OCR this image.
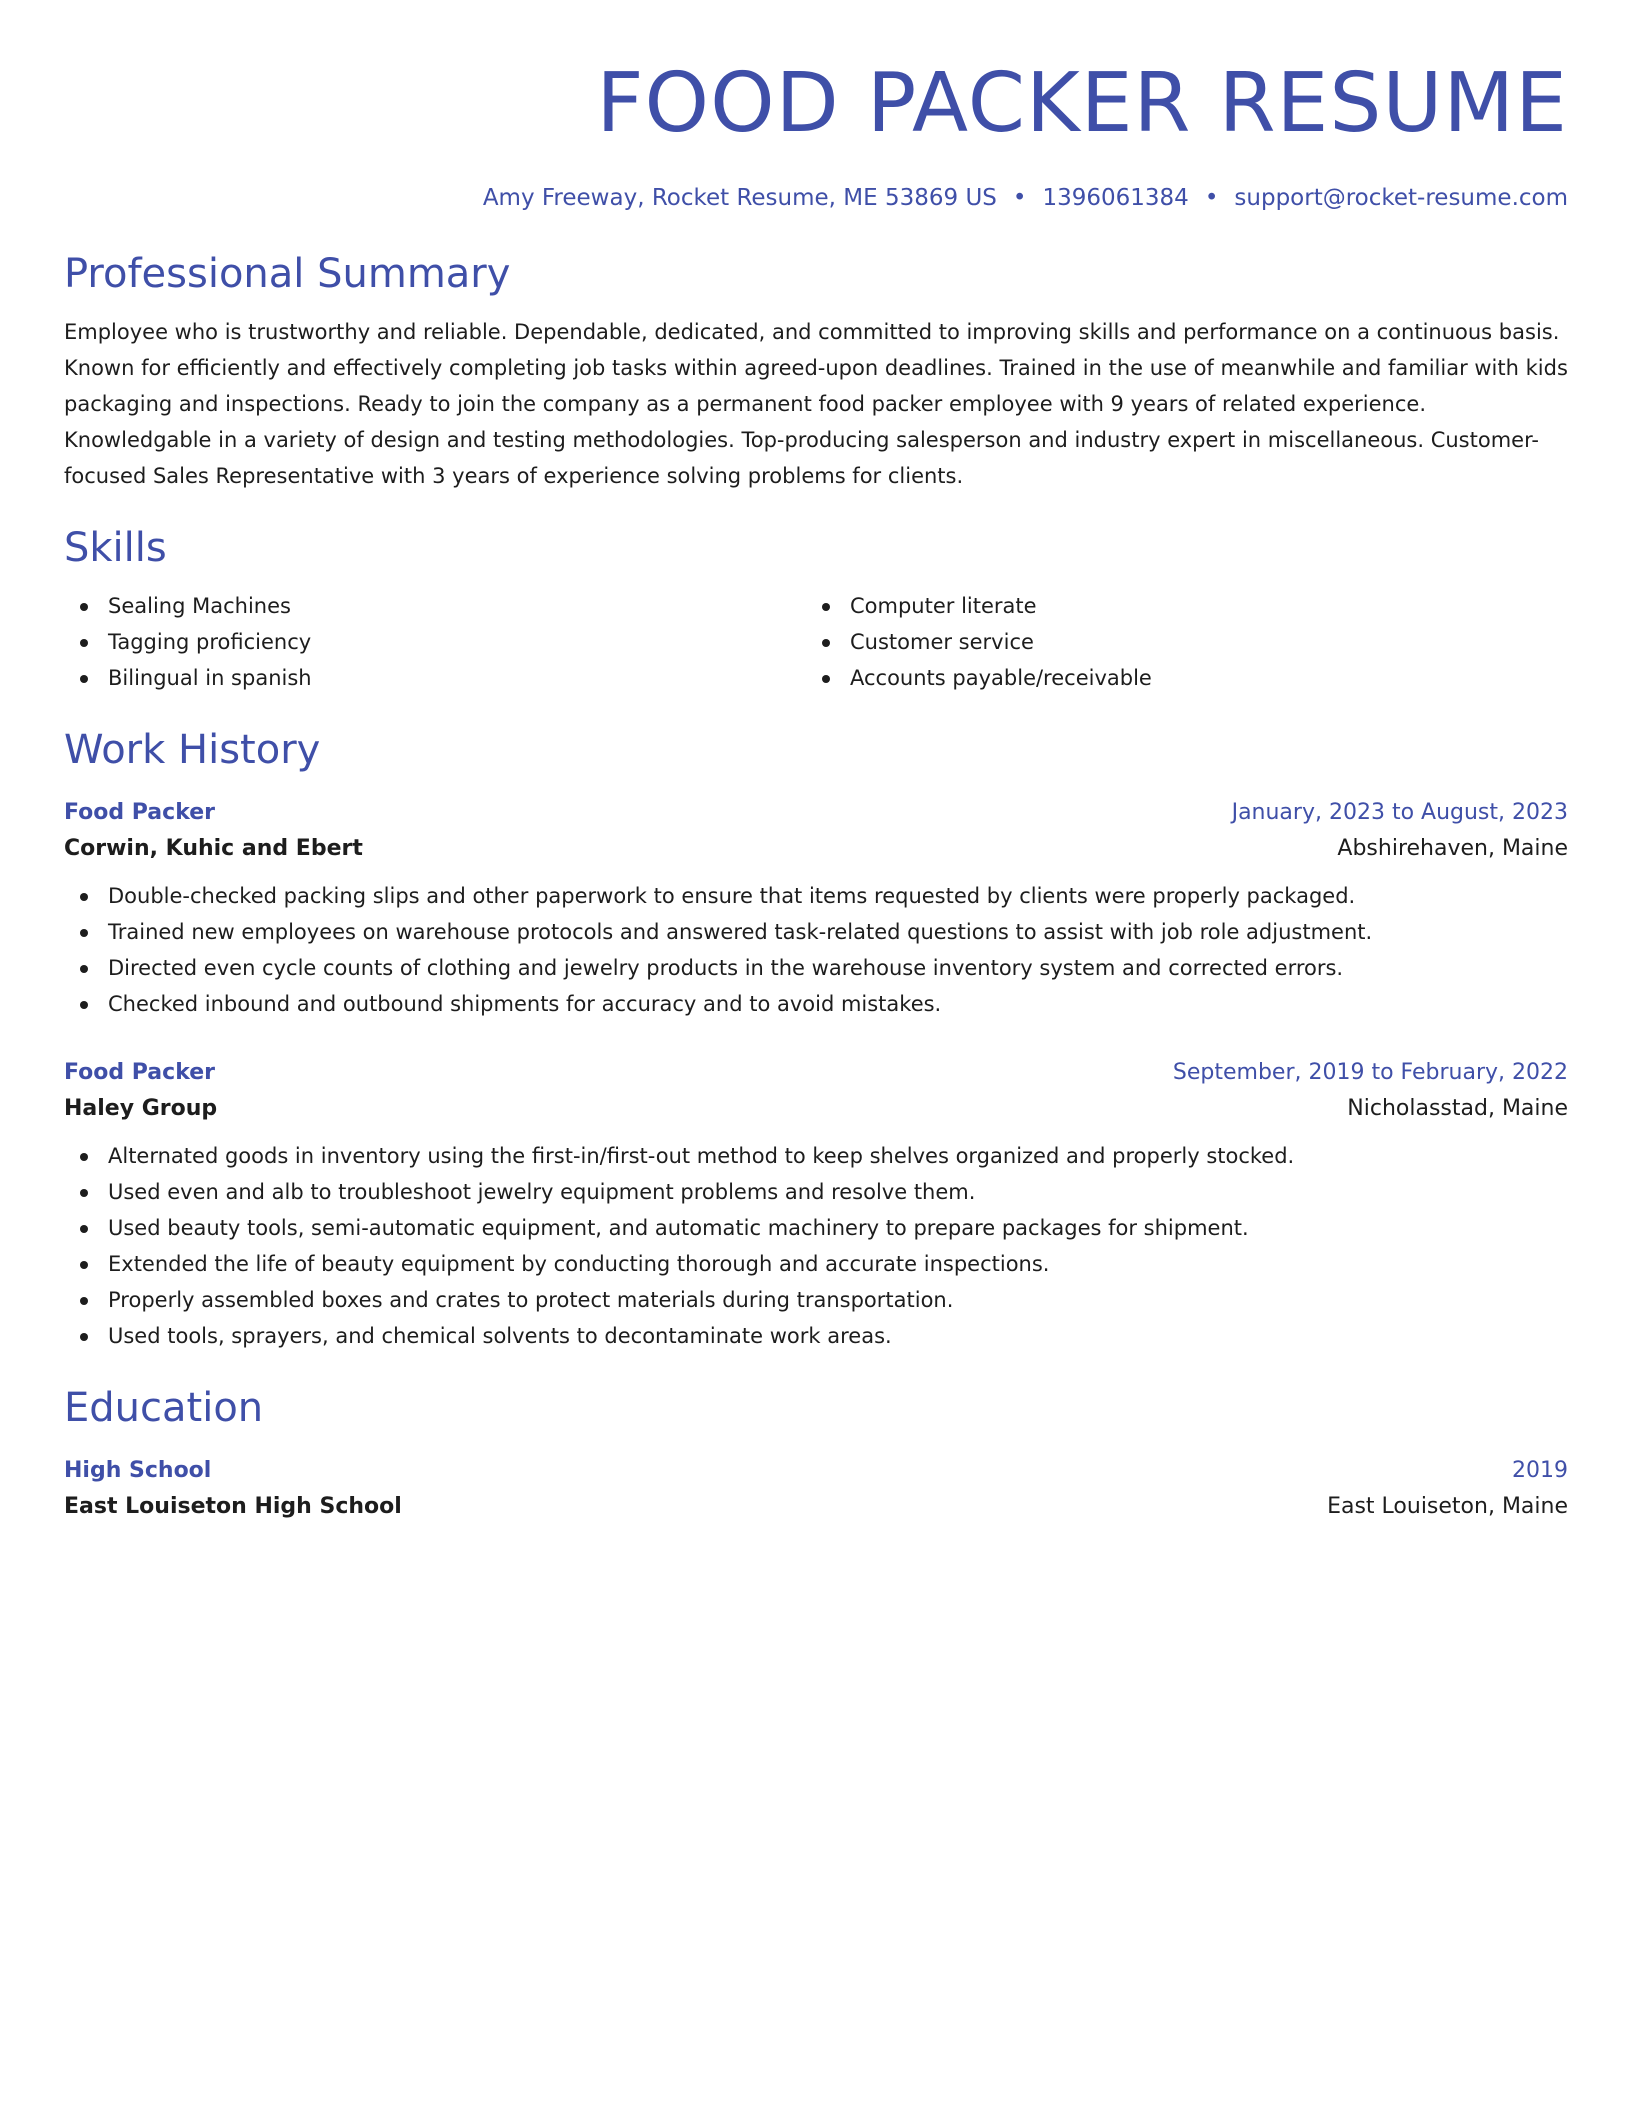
FOOD PACKER RESUME
Amy Freeway, Rocket Resume, ME 53869 US • 1396061384 • support@rocket-resume.com
Professional Summary
Employee who is trustworthy and reliable. Dependable, dedicated, and committed to improving skills and performance on a continuous basis. Known for efficiently and effectively completing job tasks within agreed-upon deadlines. Trained in the use of meanwhile and familiar with kids packaging and inspections. Ready to join the company as a permanent food packer employee with 9 years of related experience. Knowledgable in a variety of design and testing methodologies. Top-producing salesperson and industry expert in miscellaneous. Customer-focused Sales Representative with 3 years of experience solving problems for clients.
Skills
Sealing Machines
Tagging proficiency
Bilingual in spanish
Computer literate
Customer service
Accounts payable/receivable
Work History
Food Packer	January, 2023 to August, 2023
Corwin, Kuhic and Ebert	Abshirehaven, Maine
Double-checked packing slips and other paperwork to ensure that items requested by clients were properly packaged.
Trained new employees on warehouse protocols and answered task-related questions to assist with job role adjustment.
Directed even cycle counts of clothing and jewelry products in the warehouse inventory system and corrected errors.
Checked inbound and outbound shipments for accuracy and to avoid mistakes.
Food Packer	September, 2019 to February, 2022
Haley Group	Nicholasstad, Maine
Alternated goods in inventory using the first-in/first-out method to keep shelves organized and properly stocked.
Used even and alb to troubleshoot jewelry equipment problems and resolve them.
Used beauty tools, semi-automatic equipment, and automatic machinery to prepare packages for shipment.
Extended the life of beauty equipment by conducting thorough and accurate inspections.
Properly assembled boxes and crates to protect materials during transportation.
Used tools, sprayers, and chemical solvents to decontaminate work areas.
Education
High School	2019
East Louiseton High School	East Louiseton, Maine
